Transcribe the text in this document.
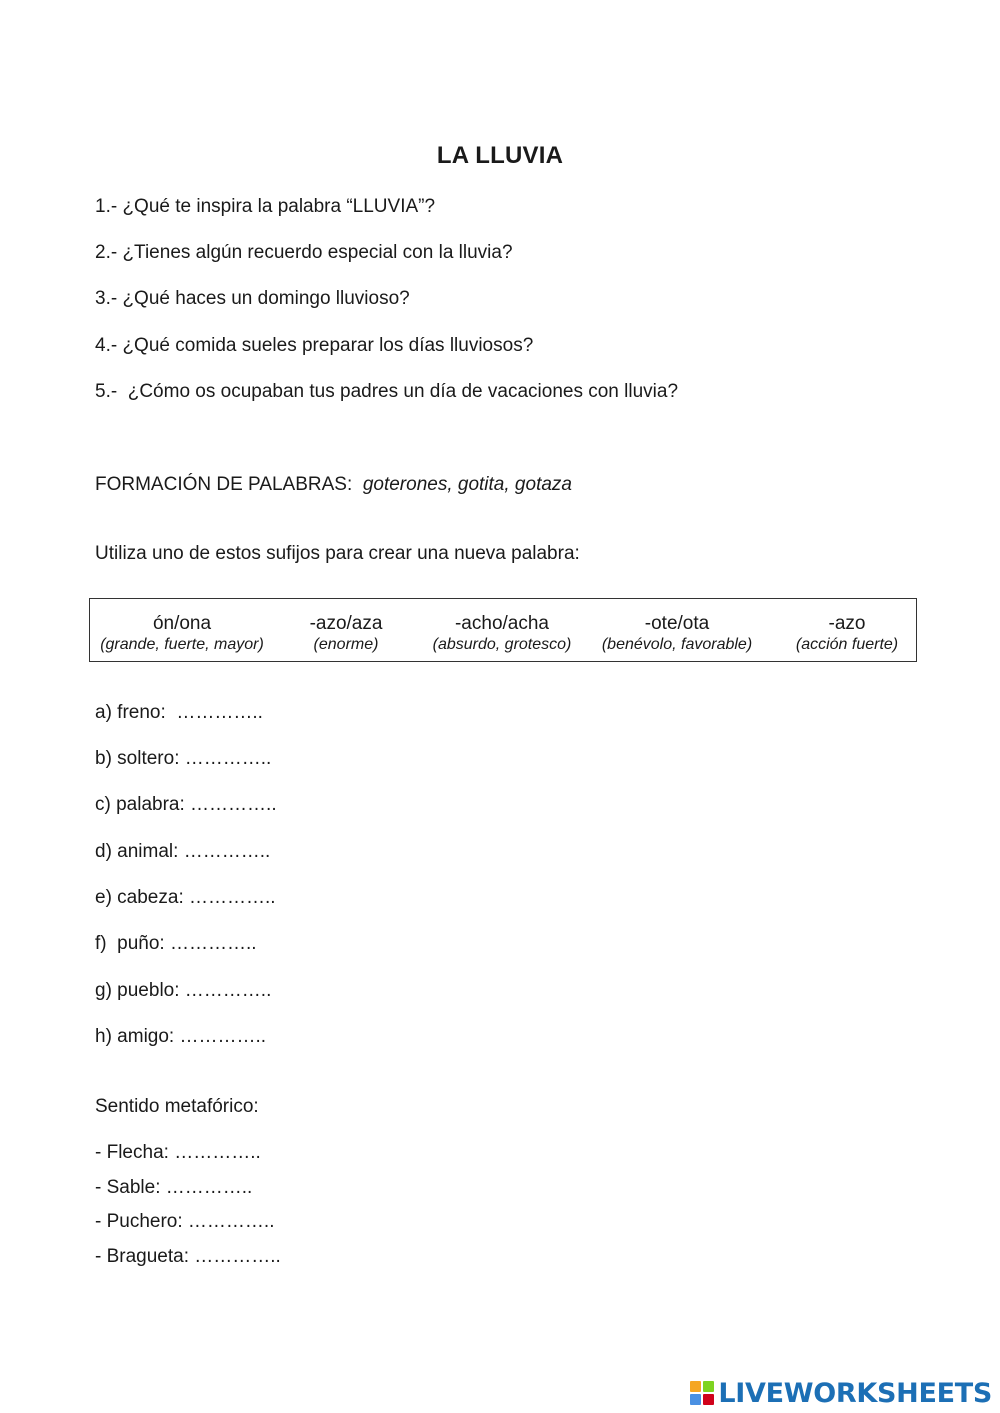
LA LLUVIA
1.- ¿Qué te inspira la palabra “LLUVIA”?
2.- ¿Tienes algún recuerdo especial con la lluvia?
3.- ¿Qué haces un domingo lluvioso?
4.- ¿Qué comida sueles preparar los días lluviosos?
5.-  ¿Cómo os ocupaban tus padres un día de vacaciones con lluvia?
FORMACIÓN DE PALABRAS: goterones, gotita, gotaza
Utiliza uno de estos sufijos para crear una nueva palabra:
ón/ona
(grande, fuerte, mayor)
-azo/aza
(enorme)
-acho/acha
(absurdo, grotesco)
-ote/ota
(benévolo, favorable)
-azo
(acción fuerte)
a) freno:  …………..
b) soltero: …………..
c) palabra: …………..
d) animal: …………..
e) cabeza: …………..
f)  puño: …………..
g) pueblo: …………..
h) amigo: …………..
Sentido metafórico:
- Flecha: …………..
- Sable: …………..
- Puchero: …………..
- Bragueta: …………..
LIVEWORKSHEETS
